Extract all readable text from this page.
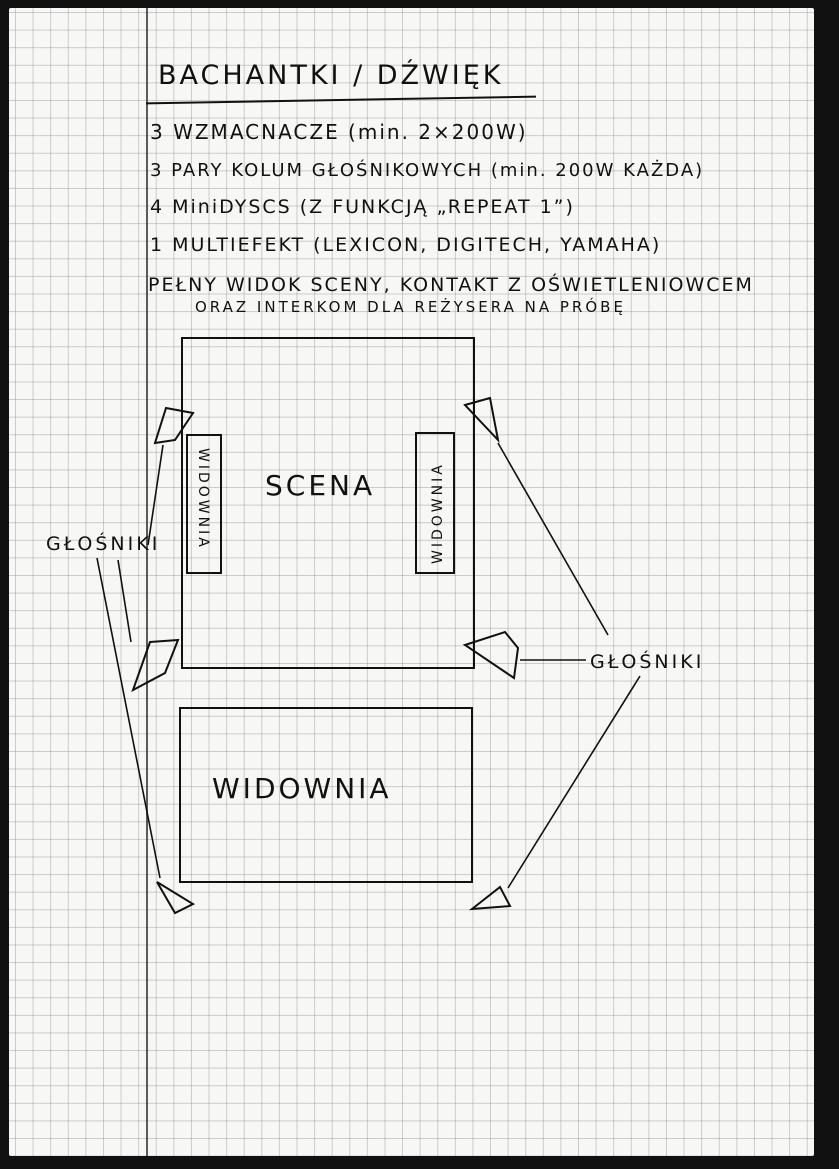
BACHANTKI / DŹWIĘK
3 WZMACNACZE (min. 2×200W)
3 PARY KOLUM GŁOŚNIKOWYCH (min. 200W KAŻDA)
4 MiniDYSCS (Z FUNKCJĄ „REPEAT 1”)
1 MULTIEFEKT (LEXICON, DIGITECH, YAMAHA)
PEŁNY WIDOK SCENY, KONTAKT Z OŚWIETLENIOWCEM
ORAZ INTERKOM DLA REŻYSERA NA PRÓBĘ
SCENA
WIDOWNIA
WIDOWNIA	WIDOWNIA
GŁOŚNIKI
GŁOŚNIKI
